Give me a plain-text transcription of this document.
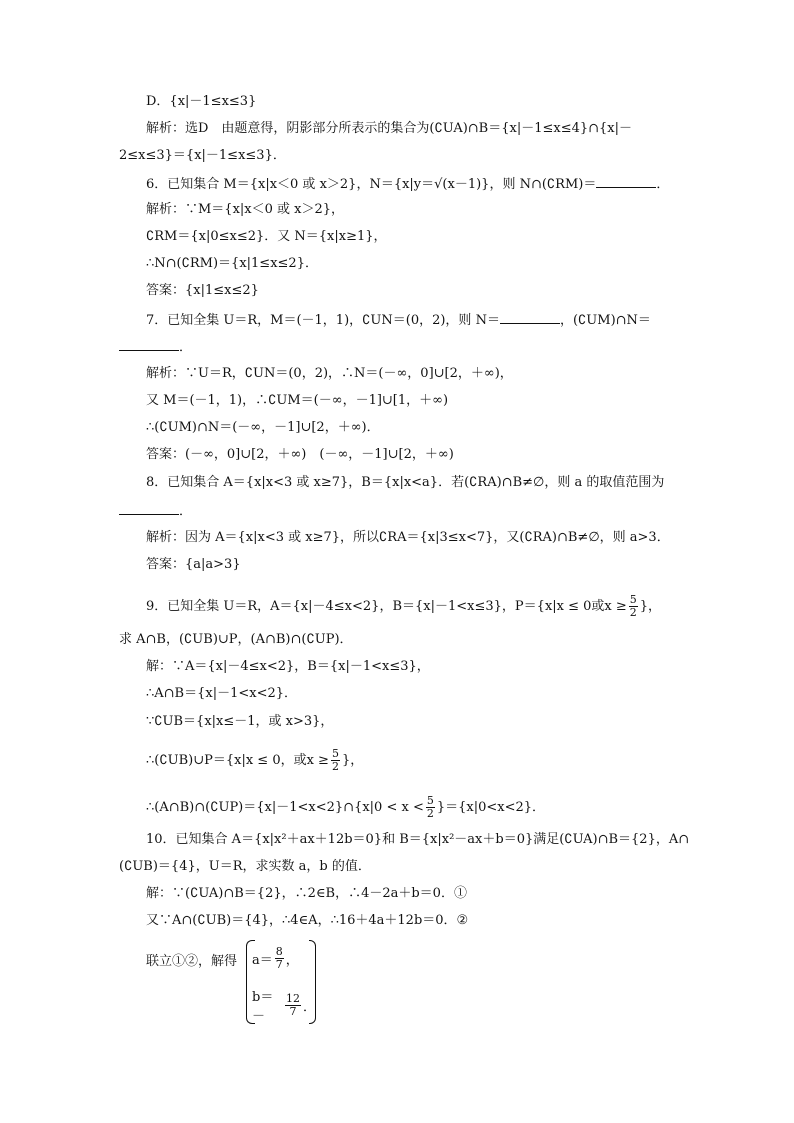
D．{x|－1≤x≤3}
解析：选D　由题意得，阴影部分所表示的集合为(∁UA)∩B＝{x|－1≤x≤4}∩{x|－
2≤x≤3}＝{x|－1≤x≤3}．
6．已知集合 M＝{x|x＜0 或 x＞2}，N＝{x|y＝√(x－1)}，则 N∩(∁RM)＝	．
解析：∵M＝{x|x＜0 或 x＞2}，
∁RM＝{x|0≤x≤2}．又 N＝{x|x≥1}，
∴N∩(∁RM)＝{x|1≤x≤2}．
答案：{x|1≤x≤2}
7．已知全集 U＝R，M＝(－1，1)，∁UN＝(0，2)，则 N＝	，(∁UM)∩N＝
．
解析：∵U＝R，∁UN＝(0，2)，∴N＝(－∞，0]∪[2，＋∞)，
又 M＝(－1，1)，∴∁UM＝(－∞，－1]∪[1，＋∞)
∴(∁UM)∩N＝(－∞，－1]∪[2，＋∞)．
答案：(－∞，0]∪[2，＋∞)　(－∞，－1]∪[2，＋∞)
8．已知集合 A＝{x|x<3 或 x≥7}，B＝{x|x<a}．若(∁RA)∩B≠∅，则 a 的取值范围为
．
解析：因为 A＝{x|x<3 或 x≥7}，所以∁RA＝{x|3≤x<7}，又(∁RA)∩B≠∅，则 a>3．
答案：{a|a>3}
9．已知全集 U＝R，A＝{x|－4≤x<2}，B＝{x|－1<x≤3}，P＝{x|x ≤ 0或$x \ge \frac{5}{2}$ }，
求 A∩B，(∁UB)∪P，(A∩B)∩(∁UP)．
解：∵A＝{x|－4≤x<2}，B＝{x|－1<x≤3}，
∴A∩B＝{x|－1<x<2}．
∵∁UB＝{x|x≤－1，或 x>3}，
∴(∁UB)∪P＝{x|x ≤ 0，或$x \ge \frac{5}{2}$ }，
∴(A∩B)∩(∁UP)＝{x|－1<x<2}∩{x|0 < $x < \frac{5}{2} \}=\{x|0<x<2\}$．
10．已知集合 A＝{x|x²＋ax＋12b＝0}和 B＝{x|x²－ax＋b＝0}满足(∁UA)∩B＝{2}，A∩
(∁UB)＝{4}，U＝R，求实数 a，b 的值．
解：∵(∁UA)∩B＝{2}，∴2∈B，∴4－2a＋b＝0．①
又∵A∩(∁UB)＝{4}，∴4∈A，∴16＋4a＋12b＝0．②
联立①②，解得 $a= \frac{8}{7}$ ，
b＝－	$\frac{12}{7}$ ．
